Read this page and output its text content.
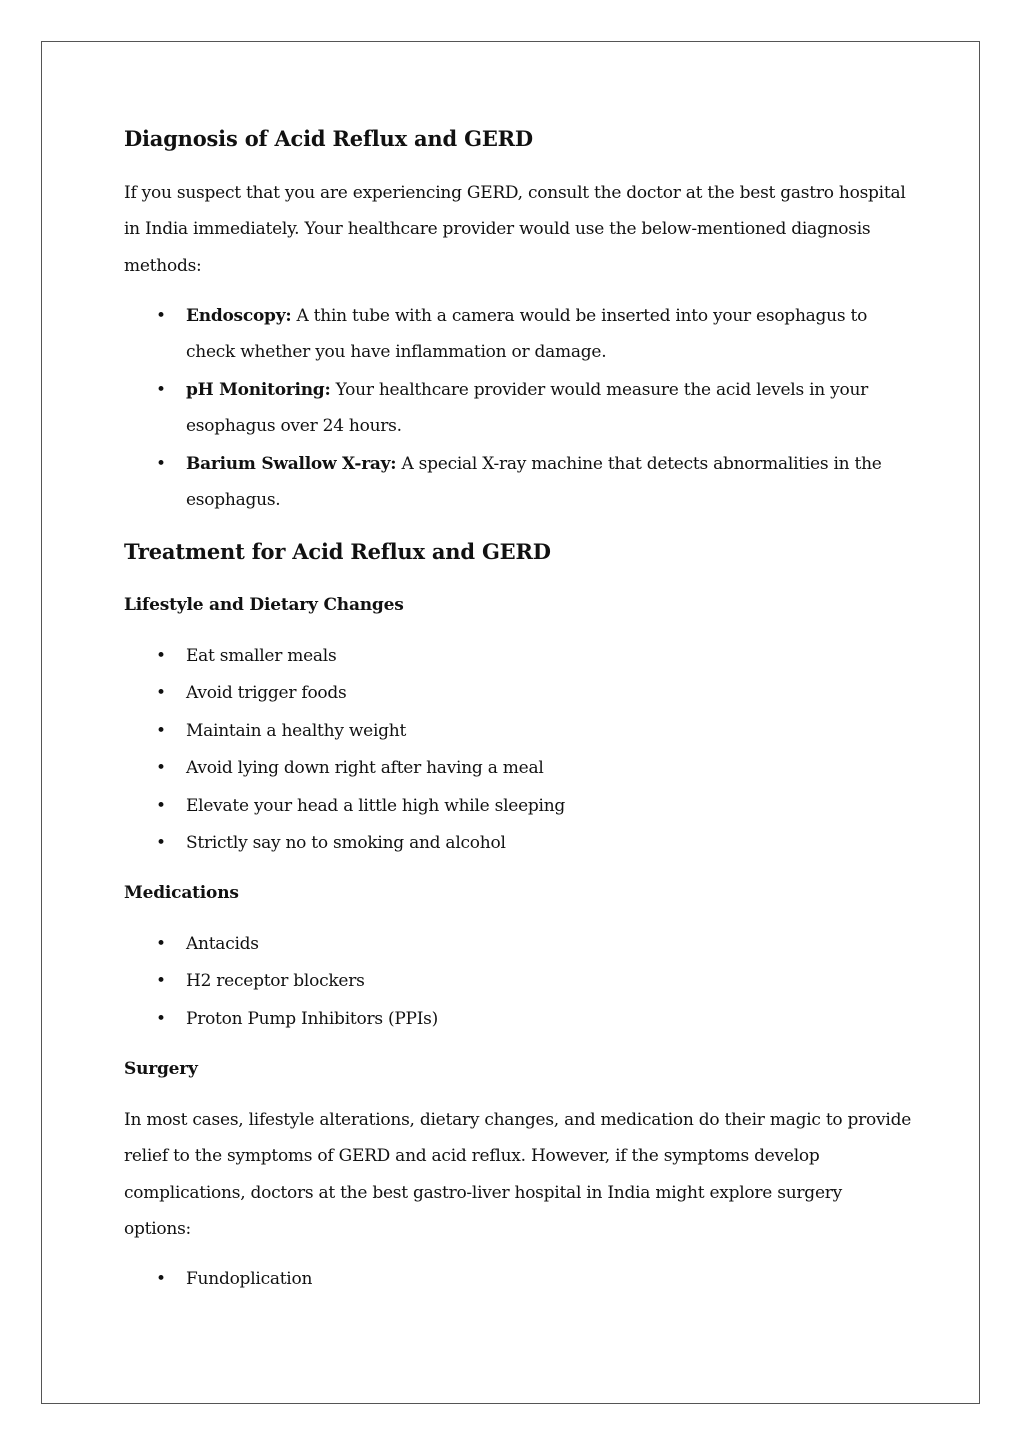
Diagnosis of Acid Reflux and GERD

If you suspect that you are experiencing GERD, consult the doctor at the best gastro hospital in India immediately. Your healthcare provider would use the below-mentioned diagnosis methods:

• Endoscopy: A thin tube with a camera would be inserted into your esophagus to check whether you have inflammation or damage.
• pH Monitoring: Your healthcare provider would measure the acid levels in your esophagus over 24 hours.
• Barium Swallow X-ray: A special X-ray machine that detects abnormalities in the esophagus.
Treatment for Acid Reflux and GERD
Lifestyle and Dietary Changes
• Eat smaller meals
• Avoid trigger foods
• Maintain a healthy weight
• Avoid lying down right after having a meal
• Elevate your head a little high while sleeping
• Strictly say no to smoking and alcohol
Medications
• Antacids
• H2 receptor blockers
• Proton Pump Inhibitors (PPIs)
Surgery

In most cases, lifestyle alterations, dietary changes, and medication do their magic to provide relief to the symptoms of GERD and acid reflux. However, if the symptoms develop complications, doctors at the best gastro-liver hospital in India might explore surgery options:

• Fundoplication
